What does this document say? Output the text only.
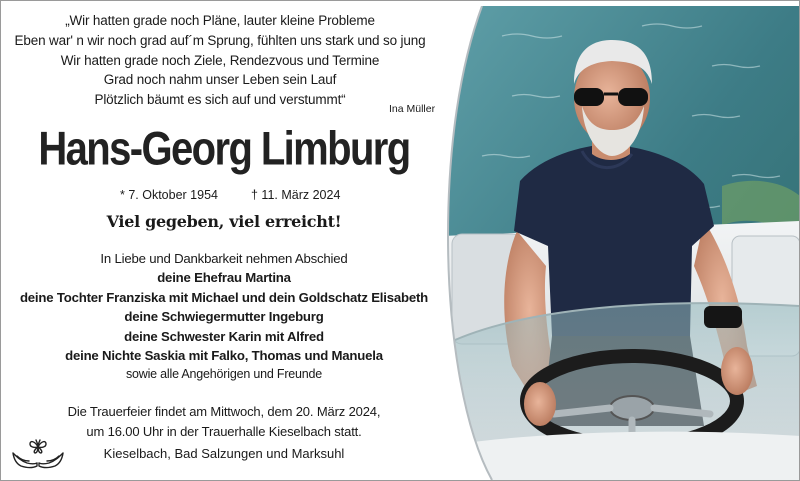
„Wir hatten grade noch Pläne, lauter kleine Probleme
Eben war' n wir noch grad auf´m Sprung, fühlten uns stark und so jung
Wir hatten grade noch Ziele, Rendezvous und Termine
Grad noch nahm unser Leben sein Lauf
Plötzlich bäumt es sich auf und verstummt“
Ina Müller
Hans-Georg Limburg
* 7. Oktober 1954	† 11. März 2024
Viel gegeben, viel erreicht!
In Liebe und Dankbarkeit nehmen Abschied
deine Ehefrau Martina
deine Tochter Franziska mit Michael und dein Goldschatz Elisabeth
deine Schwiegermutter Ingeburg
deine Schwester Karin mit Alfred
deine Nichte Saskia mit Falko, Thomas und Manuela
sowie alle Angehörigen und Freunde
Die Trauerfeier findet am Mittwoch, dem 20. März 2024,
um 16.00 Uhr in der Trauerhalle Kieselbach statt.
Kieselbach, Bad Salzungen und Marksuhl
